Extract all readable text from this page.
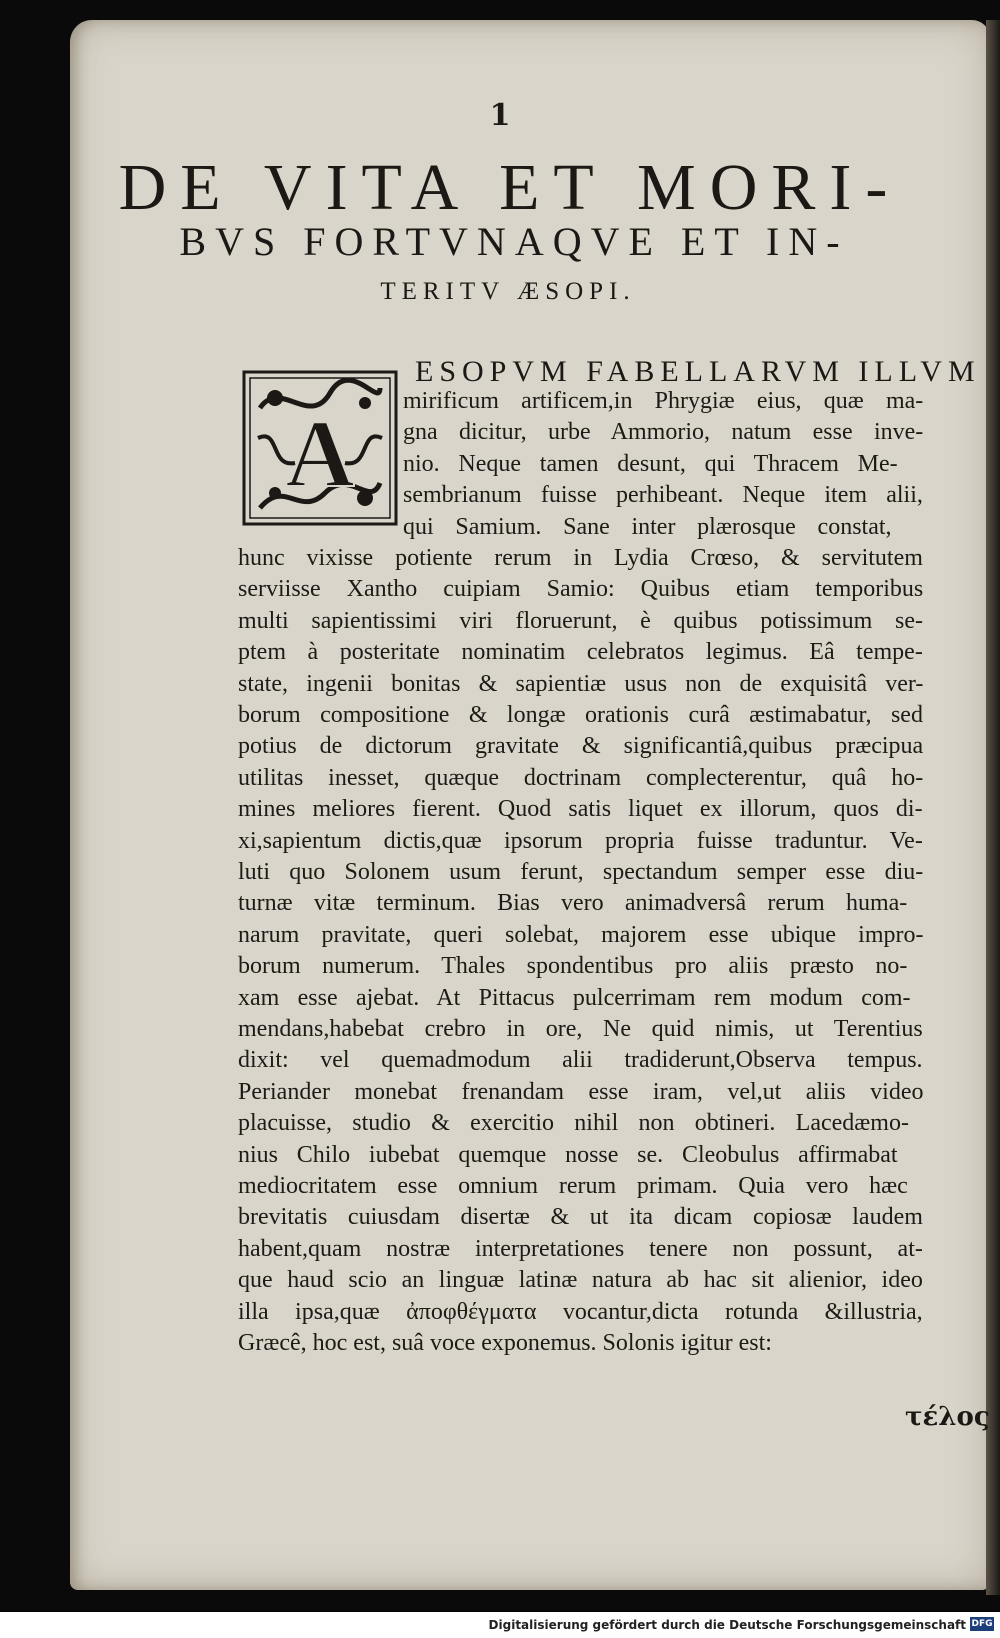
1
DE VITA ET MORI-
BVS FORTVNAQVE ET IN-
TERITV ÆSOPI.
A
ESOPVM FABELLARVM ILLVM
mirificum artificem,in Phrygiæ eius, quæ ma-
gna dicitur, urbe Ammorio, natum esse inve-
nio. Neque tamen desunt, qui Thracem Me-
sembrianum fuisse perhibeant. Neque item alii,
qui Samium. Sane inter plærosque constat,
hunc vixisse potiente rerum in Lydia Crœso, & servitutem
serviisse Xantho cuipiam Samio: Quibus etiam temporibus
multi sapientissimi viri floruerunt, è quibus potissimum se-
ptem à posteritate nominatim celebratos legimus. Eâ tempe-
state, ingenii bonitas & sapientiæ usus non de exquisitâ ver-
borum compositione & longæ orationis curâ æstimabatur, sed
potius de dictorum gravitate & significantiâ,quibus præcipua
utilitas inesset, quæque doctrinam complecterentur, quâ ho-
mines meliores fierent. Quod satis liquet ex illorum, quos di-
xi,sapientum dictis,quæ ipsorum propria fuisse traduntur. Ve-
luti quo Solonem usum ferunt, spectandum semper esse diu-
turnæ vitæ terminum. Bias vero animadversâ rerum huma-
narum pravitate, queri solebat, majorem esse ubique impro-
borum numerum. Thales spondentibus pro aliis præsto no-
xam esse ajebat. At Pittacus pulcerrimam rem modum com-
mendans,habebat crebro in ore, Ne quid nimis, ut Terentius
dixit: vel quemadmodum alii tradiderunt,Observa tempus.
Periander monebat frenandam esse iram, vel,ut aliis video
placuisse, studio & exercitio nihil non obtineri. Lacedæmo-
nius Chilo iubebat quemque nosse se. Cleobulus affirmabat
mediocritatem esse omnium rerum primam. Quia vero hæc
brevitatis cuiusdam disertæ & ut ita dicam copiosæ laudem
habent,quam nostræ interpretationes tenere non possunt, at-
que haud scio an linguæ latinæ natura ab hac sit alienior, ideo
illa ipsa,quæ ἀποφθέγματα vocantur,dicta rotunda &illustria,
Græcê, hoc est, suâ voce exponemus. Solonis igitur est:
τέλος
Digitalisierung gefördert durch die Deutsche Forschungsgemeinschaft DFG
